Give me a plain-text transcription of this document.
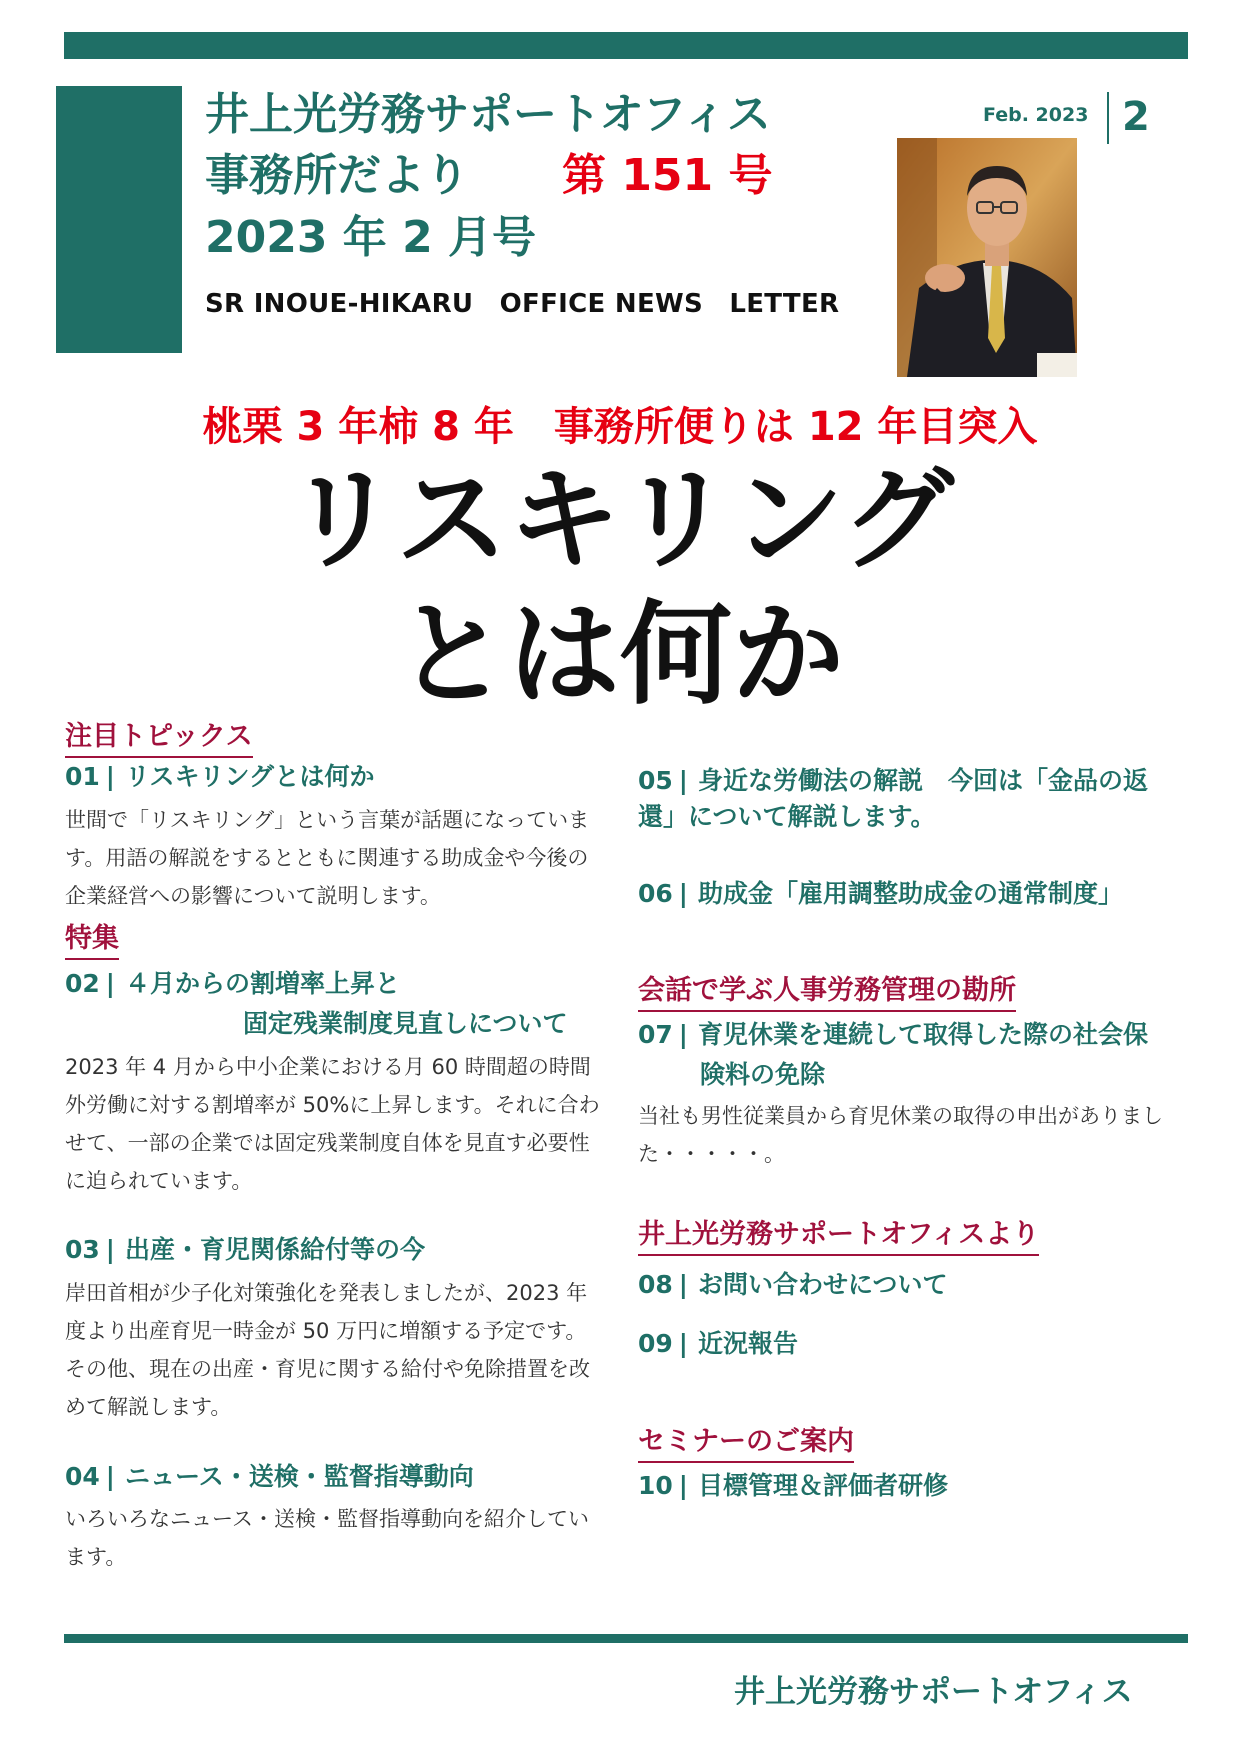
井上光労務サポートオフィス
事務所だより 第 151 号
2023 年 2 月号
SR INOUE-HIKARU　OFFICE NEWS　LETTER
Feb. 2023 2
桃栗 3 年柿 8 年　事務所便りは 12 年目突入
リスキリング
とは何か
注目トピックス
01 | リスキリングとは何か
世間で「リスキリング」という言葉が話題になっています。用語の解説をするとともに関連する助成金や今後の企業経営への影響について説明します。
特集
02 | ４月からの割増率上昇と
固定残業制度見直しについて
2023 年 4 月から中小企業における月 60 時間超の時間外労働に対する割増率が 50%に上昇します。それに合わせて、一部の企業では固定残業制度自体を見直す必要性に迫られています。
03 | 出産・育児関係給付等の今
岸田首相が少子化対策強化を発表しましたが、2023 年度より出産育児一時金が 50 万円に増額する予定です。その他、現在の出産・育児に関する給付や免除措置を改めて解説します。
04 | ニュース・送検・監督指導動向
いろいろなニュース・送検・監督指導動向を紹介しています。
05 | 身近な労働法の解説　今回は「金品の返
還」について解説します。
06 | 助成金「雇用調整助成金の通常制度」
会話で学ぶ人事労務管理の勘所
07 | 育児休業を連続して取得した際の社会保
険料の免除
当社も男性従業員から育児休業の取得の申出がありました・・・・・。
井上光労務サポートオフィスより
08 | お問い合わせについて
09 | 近況報告
セミナーのご案内
10 | 目標管理＆評価者研修
井上光労務サポートオフィス
